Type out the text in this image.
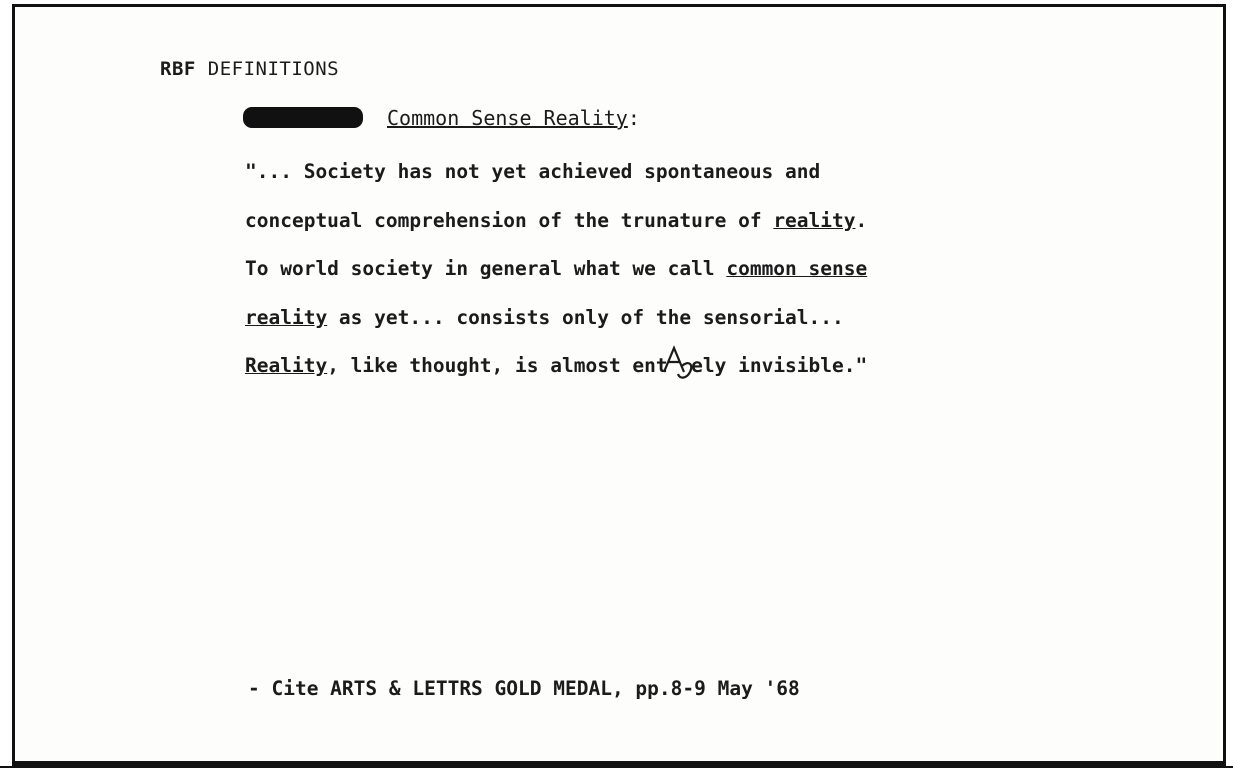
RBF DEFINITIONS
Common Sense Reality:
"... Society has not yet achieved spontaneous and
conceptual comprehension of the trunature of reality.
To world society in general what we call common sense
reality as yet... consists only of the sensorial...
Reality, like thought, is almost ent ely invisible."
- Cite ARTS & LETTRS GOLD MEDAL, pp.8-9 May '68
